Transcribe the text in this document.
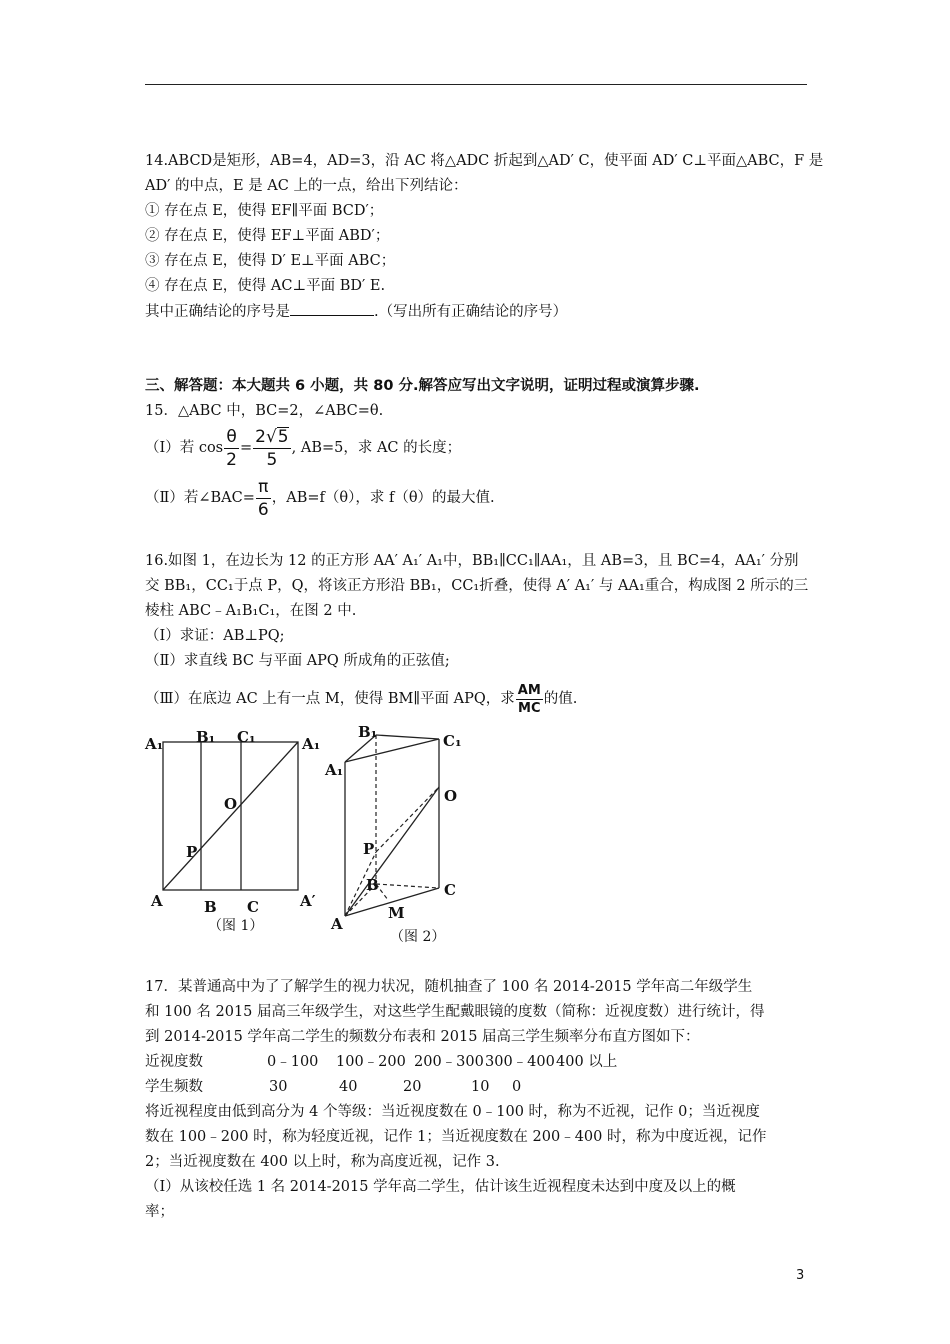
14.ABCD是矩形，AB=4，AD=3，沿 AC 将△ADC 折起到△AD′ C，使平面 AD′ C⊥平面△ABC，F 是
AD′ 的中点，E 是 AC 上的一点，给出下列结论：
① 存在点 E，使得 EF∥平面 BCD′；
② 存在点 E，使得 EF⊥平面 ABD′；
③ 存在点 E，使得 D′ E⊥平面 ABC；
④ 存在点 E，使得 AC⊥平面 BD′ E.
其中正确结论的序号是	.（写出所有正确结论的序号）
三、解答题：本大题共 6 小题，共 80 分.解答应写出文字说明，证明过程或演算步骤.
15．△ABC 中，BC=2，∠ABC=θ.
（Ⅰ）若 $\cos \frac{\theta}{2} = \frac{2√5}{5}$ , AB=5，求 AC 的长度；
（Ⅱ）若∠BAC= $\frac{\pi}{6}$ ，AB=f（θ），求 f（θ）的最大值.
16.如图 1，在边长为 12 的正方形 AA′ A₁′ A₁中，BB₁∥CC₁∥AA₁，且 AB=3，且 BC=4，AA₁′ 分别
交 BB₁，CC₁于点 P，Q，将该正方形沿 BB₁，CC₁折叠，使得 A′ A₁′ 与 AA₁重合，构成图 2 所示的三
棱柱 ABC﹣A₁B₁C₁，在图 2 中.
（Ⅰ）求证：AB⊥PQ;
（Ⅱ）求直线 BC 与平面 APQ 所成角的正弦值;
（Ⅲ）在底边 AC 上有一点 M，使得 BM∥平面 APQ，求 $\frac{AM}{MC}$ 的值.
A₁ B₁ C₁	A₁
O
P
A	B C	A′
（图 1）
B₁	C₁
A₁
O
P
B	C
M
A
（图 2）
17．某普通高中为了了解学生的视力状况，随机抽查了 100 名 2014-2015 学年高二年级学生
和 100 名 2015 届高三年级学生，对这些学生配戴眼镜的度数（简称：近视度数）进行统计，得
到 2014-2015 学年高二学生的频数分布表和 2015 届高三学生频率分布直方图如下：
近视度数	0﹣100 100﹣200 200﹣300 300﹣400 400 以上
学生频数	30	40	20	10 0
将近视程度由低到高分为 4 个等级：当近视度数在 0﹣100 时，称为不近视，记作 0；当近视度
数在 100﹣200 时，称为轻度近视，记作 1；当近视度数在 200﹣400 时，称为中度近视，记作
2；当近视度数在 400 以上时，称为高度近视，记作 3.
（Ⅰ）从该校任选 1 名 2014-2015 学年高二学生，估计该生近视程度未达到中度及以上的概
率；
3
